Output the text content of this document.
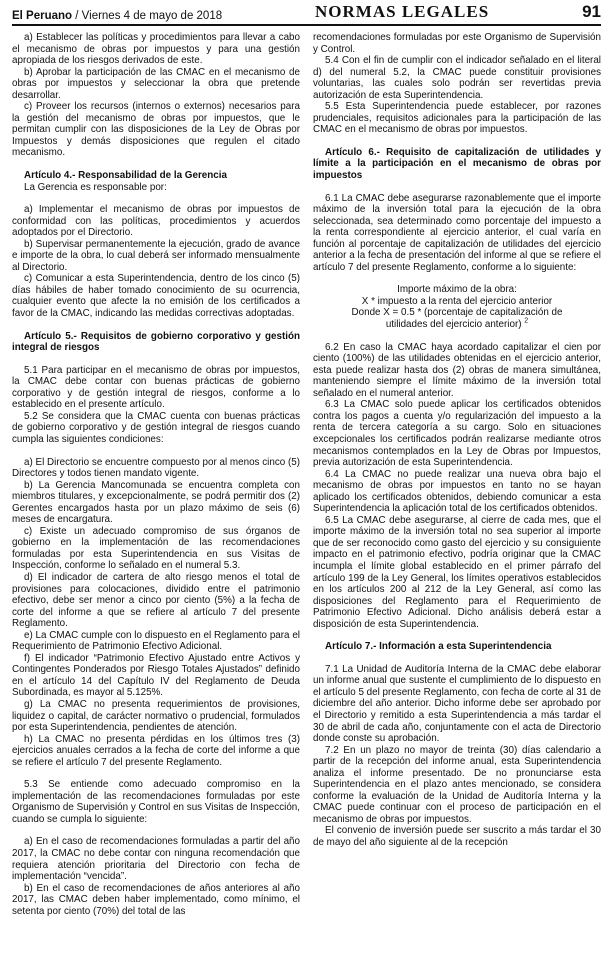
El Peruano / Viernes 4 de mayo de 2018	NORMAS LEGALES	91

a) Establecer las políticas y procedimientos para llevar a cabo el mecanismo de obras por impuestos y para una gestión apropiada de los riesgos derivados de este.

b) Aprobar la participación de las CMAC en el mecanismo de obras por impuestos y seleccionar la obra que pretende desarrollar.

c) Proveer los recursos (internos o externos) necesarios para la gestión del mecanismo de obras por impuestos, que le permitan cumplir con las disposiciones de la Ley de Obras por Impuestos y demás disposiciones que regulen el citado mecanismo.

Artículo 4.- Responsabilidad de la Gerencia

La Gerencia es responsable por:

a) Implementar el mecanismo de obras por impuestos de conformidad con las políticas, procedimientos y acuerdos adoptados por el Directorio.

b) Supervisar permanentemente la ejecución, grado de avance e importe de la obra, lo cual deberá ser informado mensualmente al Directorio.

c) Comunicar a esta Superintendencia, dentro de los cinco (5) días hábiles de haber tomado conocimiento de su ocurrencia, cualquier evento que afecte la no emisión de los certificados a favor de la CMAC, indicando las medidas correctivas adoptadas.

Artículo 5.- Requisitos de gobierno corporativo y gestión integral de riesgos

5.1 Para participar en el mecanismo de obras por impuestos, la CMAC debe contar con buenas prácticas de gobierno corporativo y de gestión integral de riesgos, conforme a lo establecido en el presente artículo.

5.2 Se considera que la CMAC cuenta con buenas prácticas de gobierno corporativo y de gestión integral de riesgos cuando cumpla las siguientes condiciones:

a) El Directorio se encuentre compuesto por al menos cinco (5) Directores y todos tienen mandato vigente.

b) La Gerencia Mancomunada se encuentra completa con miembros titulares, y excepcionalmente, se podrá permitir dos (2) Gerentes encargados hasta por un plazo máximo de seis (6) meses de encargatura.

c) Existe un adecuado compromiso de sus órganos de gobierno en la implementación de las recomendaciones formuladas por esta Superintendencia en sus Visitas de Inspección, conforme lo señalado en el numeral 5.3.

d) El indicador de cartera de alto riesgo menos el total de provisiones para colocaciones, dividido entre el patrimonio efectivo, debe ser menor a cinco por ciento (5%) a la fecha de corte del informe a que se refiere al artículo 7 del presente Reglamento.

e) La CMAC cumple con lo dispuesto en el Reglamento para el Requerimiento de Patrimonio Efectivo Adicional.

f) El indicador “Patrimonio Efectivo Ajustado entre Activos y Contingentes Ponderados por Riesgo Totales Ajustados” definido en el artículo 14 del Capítulo IV del Reglamento de Deuda Subordinada, es mayor al 5.125%.

g) La CMAC no presenta requerimientos de provisiones, liquidez o capital, de carácter normativo o prudencial, formulados por esta Superintendencia, pendientes de atención.

h) La CMAC no presenta pérdidas en los últimos tres (3) ejercicios anuales cerrados a la fecha de corte del informe a que se refiere el artículo 7 del presente Reglamento.

5.3 Se entiende como adecuado compromiso en la implementación de las recomendaciones formuladas por este Organismo de Supervisión y Control en sus Visitas de Inspección, cuando se cumpla lo siguiente:

a) En el caso de recomendaciones formuladas a partir del año 2017, la CMAC no debe contar con ninguna recomendación que requiera atención prioritaria del Directorio con fecha de implementación “vencida”.

b) En el caso de recomendaciones de años anteriores al año 2017, las CMAC deben haber implementado, como mínimo, el setenta por ciento (70%) del total de las

recomendaciones formuladas por este Organismo de Supervisión y Control.

5.4 Con el fin de cumplir con el indicador señalado en el literal d) del numeral 5.2, la CMAC puede constituir provisiones voluntarias, las cuales solo podrán ser revertidas previa autorización de esta Superintendencia.

5.5 Esta Superintendencia puede establecer, por razones prudenciales, requisitos adicionales para la participación de las CMAC en el mecanismo de obras por impuestos.

Artículo 6.- Requisito de capitalización de utilidades y límite a la participación en el mecanismo de obras por impuestos

6.1 La CMAC debe asegurarse razonablemente que el importe máximo de la inversión total para la ejecución de la obra seleccionada, sea determinado como porcentaje del impuesto a la renta correspondiente al ejercicio anterior, el cual varía en función al porcentaje de capitalización de utilidades del ejercicio anterior a la fecha de presentación del informe al que se refiere el artículo 7 del presente Reglamento, conforme a lo siguiente:

Importe máximo de la obra:

X * impuesto a la renta del ejercicio anterior

Donde X = 0.5 * (porcentaje de capitalización de

utilidades del ejercicio anterior) $^2$

6.2 En caso la CMAC haya acordado capitalizar el cien por ciento (100%) de las utilidades obtenidas en el ejercicio anterior, esta puede realizar hasta dos (2) obras de manera simultánea, manteniendo siempre el límite máximo de la inversión total señalado en el numeral anterior.

6.3 La CMAC solo puede aplicar los certificados obtenidos contra los pagos a cuenta y/o regularización del impuesto a la renta de tercera categoría a su cargo. Solo en situaciones excepcionales los certificados podrán realizarse mediante otros mecanismos contemplados en la Ley de Obras por Impuestos, previa autorización de esta Superintendencia.

6.4 La CMAC no puede realizar una nueva obra bajo el mecanismo de obras por impuestos en tanto no se hayan aplicado los certificados obtenidos, debiendo comunicar a esta Superintendencia la aplicación total de los certificados obtenidos.

6.5 La CMAC debe asegurarse, al cierre de cada mes, que el importe máximo de la inversión total no sea superior al importe que de ser reconocido como gasto del ejercicio y su consiguiente impacto en el patrimonio efectivo, podría originar que la CMAC incumpla el límite global establecido en el primer párrafo del artículo 199 de la Ley General, los límites operativos establecidos en los artículos 200 al 212 de la Ley General, así como las disposiciones del Reglamento para el Requerimiento de Patrimonio Efectivo Adicional. Dicho análisis deberá estar a disposición de esta Superintendencia.

Artículo 7.- Información a esta Superintendencia

7.1 La Unidad de Auditoría Interna de la CMAC debe elaborar un informe anual que sustente el cumplimiento de lo dispuesto en el artículo 5 del presente Reglamento, con fecha de corte al 31 de diciembre del año anterior. Dicho informe debe ser aprobado por el Directorio y remitido a esta Superintendencia a más tardar el 30 de abril de cada año, conjuntamente con el acta de Directorio donde conste su aprobación.

7.2 En un plazo no mayor de treinta (30) días calendario a partir de la recepción del informe anual, esta Superintendencia analiza el informe presentado. De no pronunciarse esta Superintendencia en el plazo antes mencionado, se considera conforme la evaluación de la Unidad de Auditoría Interna y la CMAC puede continuar con el proceso de participación en el mecanismo de obras por impuestos.

El convenio de inversión puede ser suscrito a más tardar el 30 de mayo del año siguiente al de la recepción
